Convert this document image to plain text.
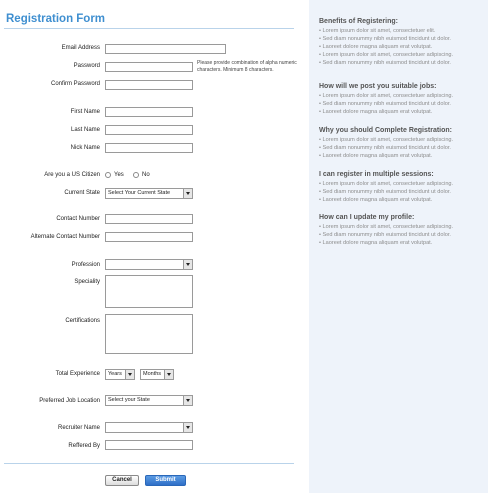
Registration Form
Email Address
Password	Please provide combination of alpha numeric characters. Minimum 8 characters.
Confirm Password
First Name
Last Name
Nick Name
Are you a US Citizen Yes	No
Current State	Select Your Current State
Contact Number
Alternate Contact Number
Profession
Speciality
Certifications
Total Experience	Years	Months
Preferred Job Location	Select your State
Recruiter Name
Reffered By
Cancel	Submit
Benefits of Registering:
• Lorem ipsum dolor sit amet, consectetuer elit.
• Sed diam nonummy nibh euismod tincidunt ut dolor.
• Laoreet dolore magna aliquam erat volutpat.
• Lorem ipsum dolor sit amet, consectetuer adipiscing.
• Sed diam nonummy nibh euismod tincidunt ut dolor.
How will we post you suitable jobs:
• Lorem ipsum dolor sit amet, consectetuer adipiscing.
• Sed diam nonummy nibh euismod tincidunt ut dolor.
• Laoreet dolore magna aliquam erat volutpat.
Why you should Complete Registration:
• Lorem ipsum dolor sit amet, consectetuer adipiscing.
• Sed diam nonummy nibh euismod tincidunt ut dolor.
• Laoreet dolore magna aliquam erat volutpat.
I can register in multiple sessions:
• Lorem ipsum dolor sit amet, consectetuer adipiscing.
• Sed diam nonummy nibh euismod tincidunt ut dolor.
• Laoreet dolore magna aliquam erat volutpat.
How can I update my profile:
• Lorem ipsum dolor sit amet, consectetuer adipiscing.
• Sed diam nonummy nibh euismod tincidunt ut dolor.
• Laoreet dolore magna aliquam erat volutpat.
